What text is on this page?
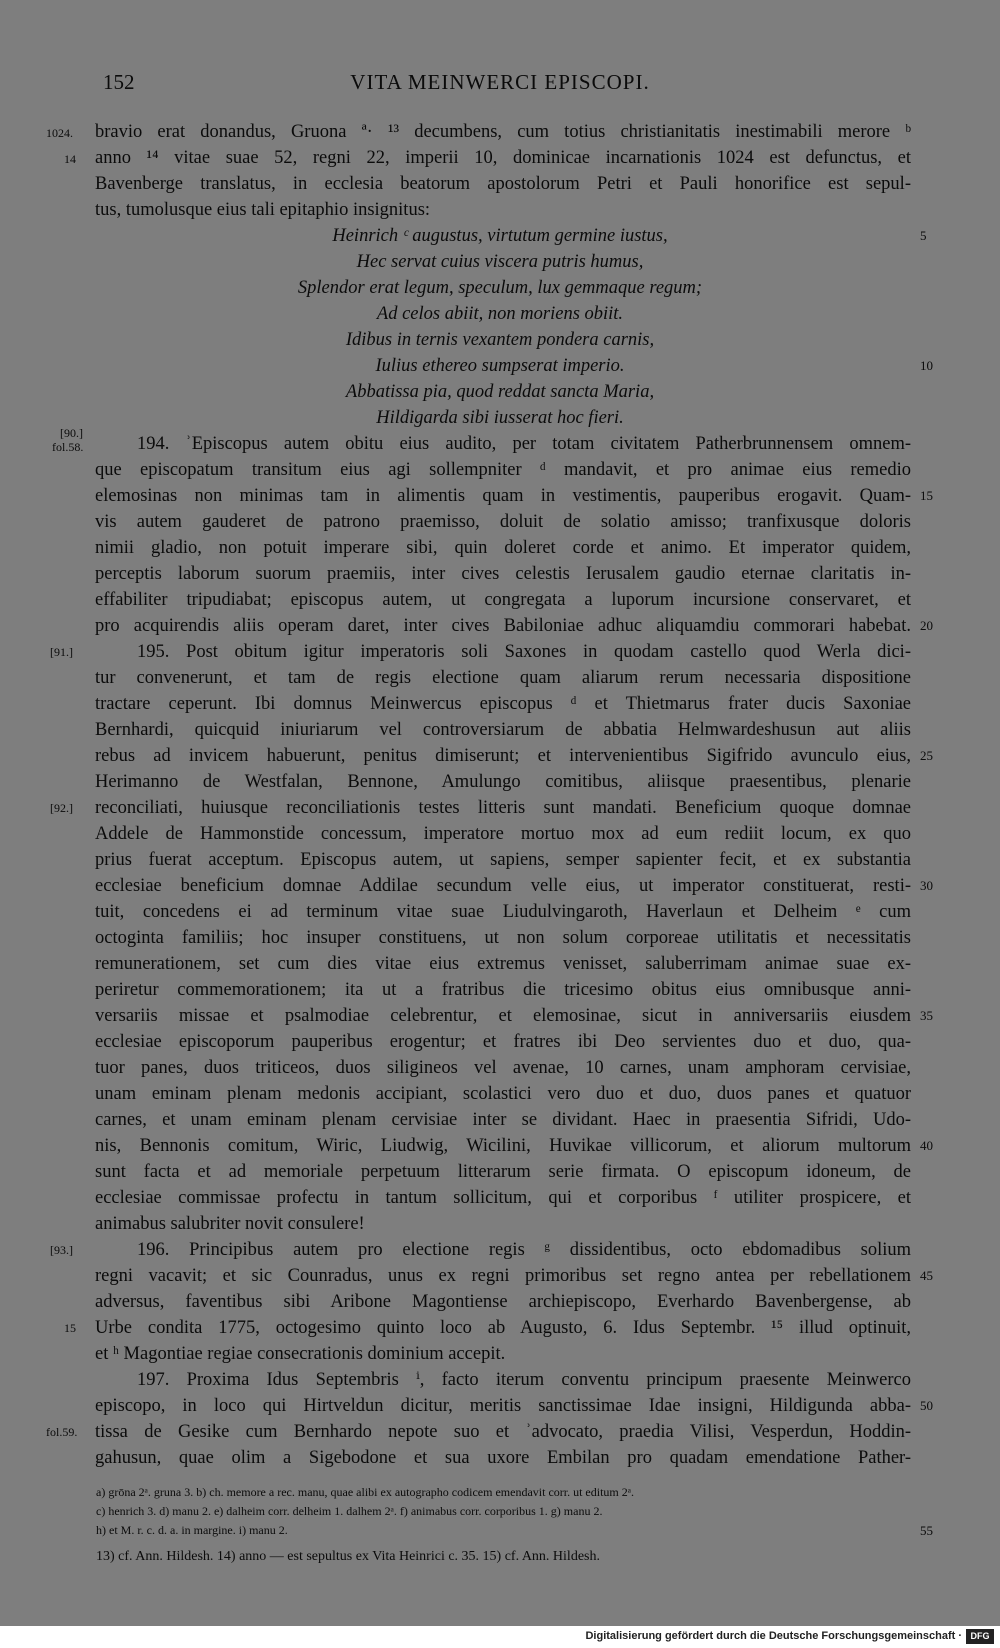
152	VITA MEINWERCI EPISCOPI.
bravio erat donandus, Gruona ª· ¹³ decumbens, cum totius christianitatis inestimabili merore ᵇ
anno ¹⁴ vitae suae 52, regni 22, imperii 10, dominicae incarnationis 1024 est defunctus, et
Bavenberge translatus, in ecclesia beatorum apostolorum Petri et Pauli honorifice est sepul-
tus, tumolusque eius tali epitaphio insignitus:
Heinrich ᶜ augustus, virtutum germine iustus,
Hec servat cuius viscera putris humus,
Splendor erat legum, speculum, lux gemmaque regum;
Ad celos abiit, non moriens obiit.
Idibus in ternis vexantem pondera carnis,
Iulius ethereo sumpserat imperio.
Abbatissa pia, quod reddat sancta Maria,
Hildigarda sibi iusserat hoc fieri.
194. ʾEpiscopus autem obitu eius audito, per totam civitatem Patherbrunnensem omnem-
que episcopatum transitum eius agi sollempniter ᵈ mandavit, et pro animae eius remedio
elemosinas non minimas tam in alimentis quam in vestimentis, pauperibus erogavit. Quam-
vis autem gauderet de patrono praemisso, doluit de solatio amisso; tranfixusque doloris
nimii gladio, non potuit imperare sibi, quin doleret corde et animo. Et imperator quidem,
perceptis laborum suorum praemiis, inter cives celestis Ierusalem gaudio eternae claritatis in-
effabiliter tripudiabat; episcopus autem, ut congregata a luporum incursione conservaret, et
pro acquirendis aliis operam daret, inter cives Babiloniae adhuc aliquamdiu commorari habebat.
195. Post obitum igitur imperatoris soli Saxones in quodam castello quod Werla dici-
tur convenerunt, et tam de regis electione quam aliarum rerum necessaria dispositione
tractare ceperunt. Ibi domnus Meinwercus episcopus ᵈ et Thietmarus frater ducis Saxoniae
Bernhardi, quicquid iniuriarum vel controversiarum de abbatia Helmwardeshusun aut aliis
rebus ad invicem habuerunt, penitus dimiserunt; et intervenientibus Sigifrido avunculo eius,
Herimanno de Westfalan, Bennone, Amulungo comitibus, aliisque praesentibus, plenarie
reconciliati, huiusque reconciliationis testes litteris sunt mandati. Beneficium quoque domnae
Addele de Hammonstide concessum, imperatore mortuo mox ad eum rediit locum, ex quo
prius fuerat acceptum. Episcopus autem, ut sapiens, semper sapienter fecit, et ex substantia
ecclesiae beneficium domnae Addilae secundum velle eius, ut imperator constituerat, resti-
tuit, concedens ei ad terminum vitae suae Liudulvingaroth, Haverlaun et Delheim ᵉ cum
octoginta familiis; hoc insuper constituens, ut non solum corporeae utilitatis et necessitatis
remunerationem, set cum dies vitae eius extremus venisset, saluberrimam animae suae ex-
periretur commemorationem; ita ut a fratribus die tricesimo obitus eius omnibusque anni-
versariis missae et psalmodiae celebrentur, et elemosinae, sicut in anniversariis eiusdem
ecclesiae episcoporum pauperibus erogentur; et fratres ibi Deo servientes duo et duo, qua-
tuor panes, duos triticeos, duos siligineos vel avenae, 10 carnes, unam amphoram cervisiae,
unam eminam plenam medonis accipiant, scolastici vero duo et duo, duos panes et quatuor
carnes, et unam eminam plenam cervisiae inter se dividant. Haec in praesentia Sifridi, Udo-
nis, Bennonis comitum, Wiric, Liudwig, Wicilini, Huvikae villicorum, et aliorum multorum
sunt facta et ad memoriale perpetuum litterarum serie firmata. O episcopum idoneum, de
ecclesiae commissae profectu in tantum sollicitum, qui et corporibus ᶠ utiliter prospicere, et
animabus salubriter novit consulere!
196. Principibus autem pro electione regis ᵍ dissidentibus, octo ebdomadibus solium
regni vacavit; et sic Counradus, unus ex regni primoribus set regno antea per rebellationem
adversus, faventibus sibi Aribone Magontiense archiepiscopo, Everhardo Bavenbergense, ab
Urbe condita 1775, octogesimo quinto loco ab Augusto, 6. Idus Septembr. ¹⁵ illud optinuit,
et ʰ Magontiae regiae consecrationis dominium accepit.
197. Proxima Idus Septembris ⁱ, facto iterum conventu principum praesente Meinwerco
episcopo, in loco qui Hirtveldun dicitur, meritis sanctissimae Idae insigni, Hildigunda abba-
tissa de Gesike cum Bernhardo nepote suo et ʾadvocato, praedia Vilisi, Vesperdun, Hoddin-
gahusun, quae olim a Sigebodone et sua uxore Embilan pro quadam emendatione Pather-
1024.
14
[90.]
fol.58.
[91.]
[92.]
[93.]
15
fol.59.
5
10
15
20
25
30
35
40
45
50
55
a) grōna 2ᵃ. gruna 3. b) ch. memore a rec. manu, quae alibi ex autographo codicem emendavit corr. ut editum 2ᵃ.
c) henrich 3. d) manu 2. e) dalheim corr. delheim 1. dalhem 2ᵃ. f) animabus corr. corporibus 1. g) manu 2.
h) et M. r. c. d. a. in margine. i) manu 2.
13) cf. Ann. Hildesh. 14) anno — est sepultus ex Vita Heinrici c. 35. 15) cf. Ann. Hildesh.
Digitalisierung gefördert durch die Deutsche Forschungsgemeinschaft · DFG
